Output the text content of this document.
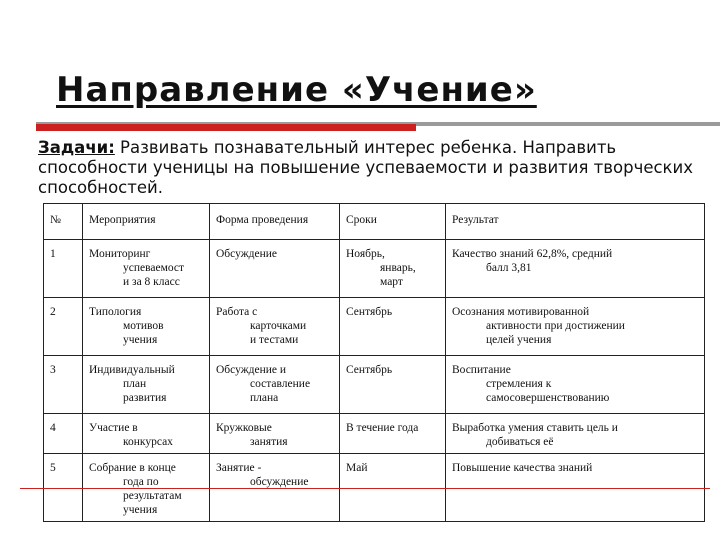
Направление «Учение»
Задачи: Развивать познавательный интерес ребенка. Направить способности ученицы на повышение успеваемости и развития творческих способностей.
№	Мероприятия	Форма проведения	Сроки	Результат
1	Мониторинг
успеваемост
и за 8 класс	Обсуждение	Ноябрь,
январь,
март	Качество знаний 62,8%, средний
балл 3,81

2	Типология
мотивов
учения	Работа с
карточками
и тестами	Сентябрь	Осознания мотивированной
активности при достижении
целей учения

3	Индивидуальный
план
развития	Обсуждение и
составление
плана	Сентябрь	Воспитание
стремления к
самосовершенствованию

4	Участие в
конкурсах	Кружковые
занятия	В течение года	Выработка умения ставить цель и
добиваться её

5	Собрание в конце
года по
результатам
учения	Занятие -
обсуждение	Май	Повышение качества знаний
